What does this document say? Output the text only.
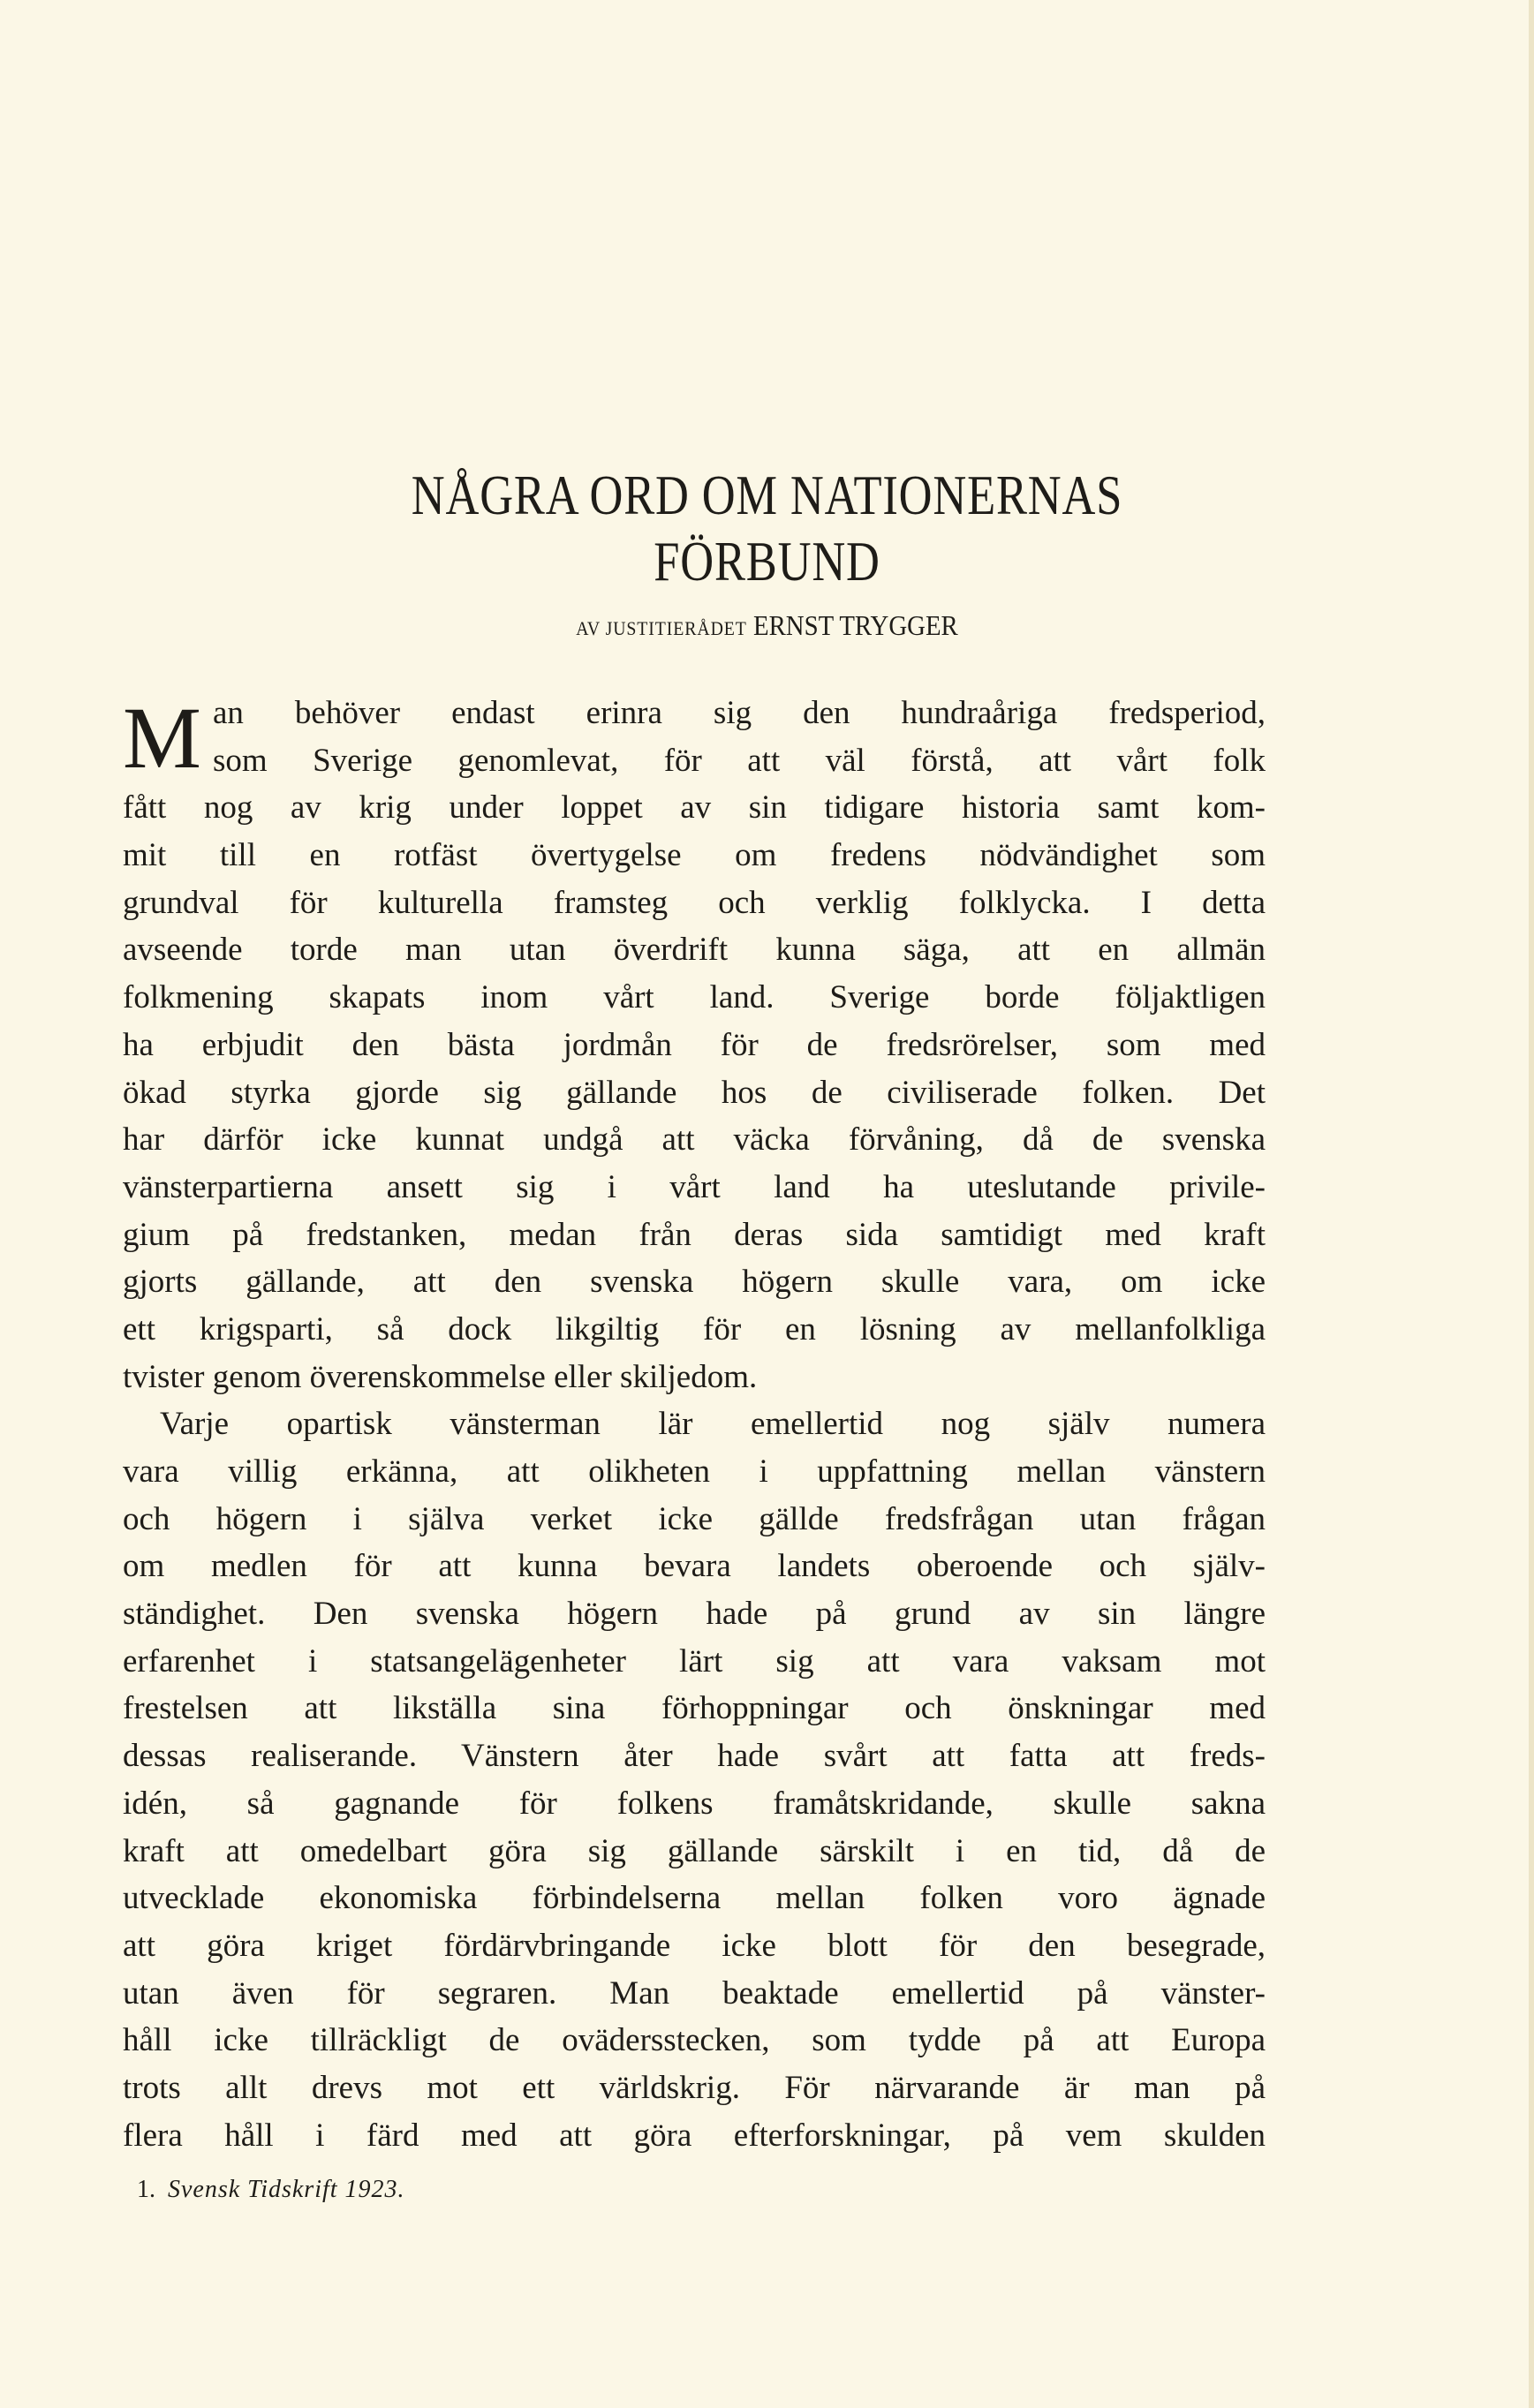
NÅGRA ORD OM NATIONERNAS
FÖRBUND
AV JUSTITIERÅDET ERNST TRYGGER
M an behöver endast erinra sig den hundraåriga fredsperiod,
som Sverige genomlevat, för att väl förstå, att vårt folk
fått nog av krig under loppet av sin tidigare historia samt kom-
mit till en rotfäst övertygelse om fredens nödvändighet som
grundval för kulturella framsteg och verklig folklycka. I detta
avseende torde man utan överdrift kunna säga, att en allmän
folkmening skapats inom vårt land. Sverige borde följaktligen
ha erbjudit den bästa jordmån för de fredsrörelser, som med
ökad styrka gjorde sig gällande hos de civiliserade folken. Det
har därför icke kunnat undgå att väcka förvåning, då de svenska
vänsterpartierna ansett sig i vårt land ha uteslutande privile-
gium på fredstanken, medan från deras sida samtidigt med kraft
gjorts gällande, att den svenska högern skulle vara, om icke
ett krigsparti, så dock likgiltig för en lösning av mellanfolkliga
tvister genom överenskommelse eller skiljedom.
Varje opartisk vänsterman lär emellertid nog själv numera
vara villig erkänna, att olikheten i uppfattning mellan vänstern
och högern i själva verket icke gällde fredsfrågan utan frågan
om medlen för att kunna bevara landets oberoende och själv-
ständighet. Den svenska högern hade på grund av sin längre
erfarenhet i statsangelägenheter lärt sig att vara vaksam mot
frestelsen att likställa sina förhoppningar och önskningar med
dessas realiserande. Vänstern åter hade svårt att fatta att freds-
idén, så gagnande för folkens framåtskridande, skulle sakna
kraft att omedelbart göra sig gällande särskilt i en tid, då de
utvecklade ekonomiska förbindelserna mellan folken voro ägnade
att göra kriget fördärvbringande icke blott för den besegrade,
utan även för segraren. Man beaktade emellertid på vänster-
håll icke tillräckligt de ovädersstecken, som tydde på att Europa
trots allt drevs mot ett världskrig. För närvarande är man på
flera håll i färd med att göra efterforskningar, på vem skulden
1. Svensk Tidskrift 1923.
